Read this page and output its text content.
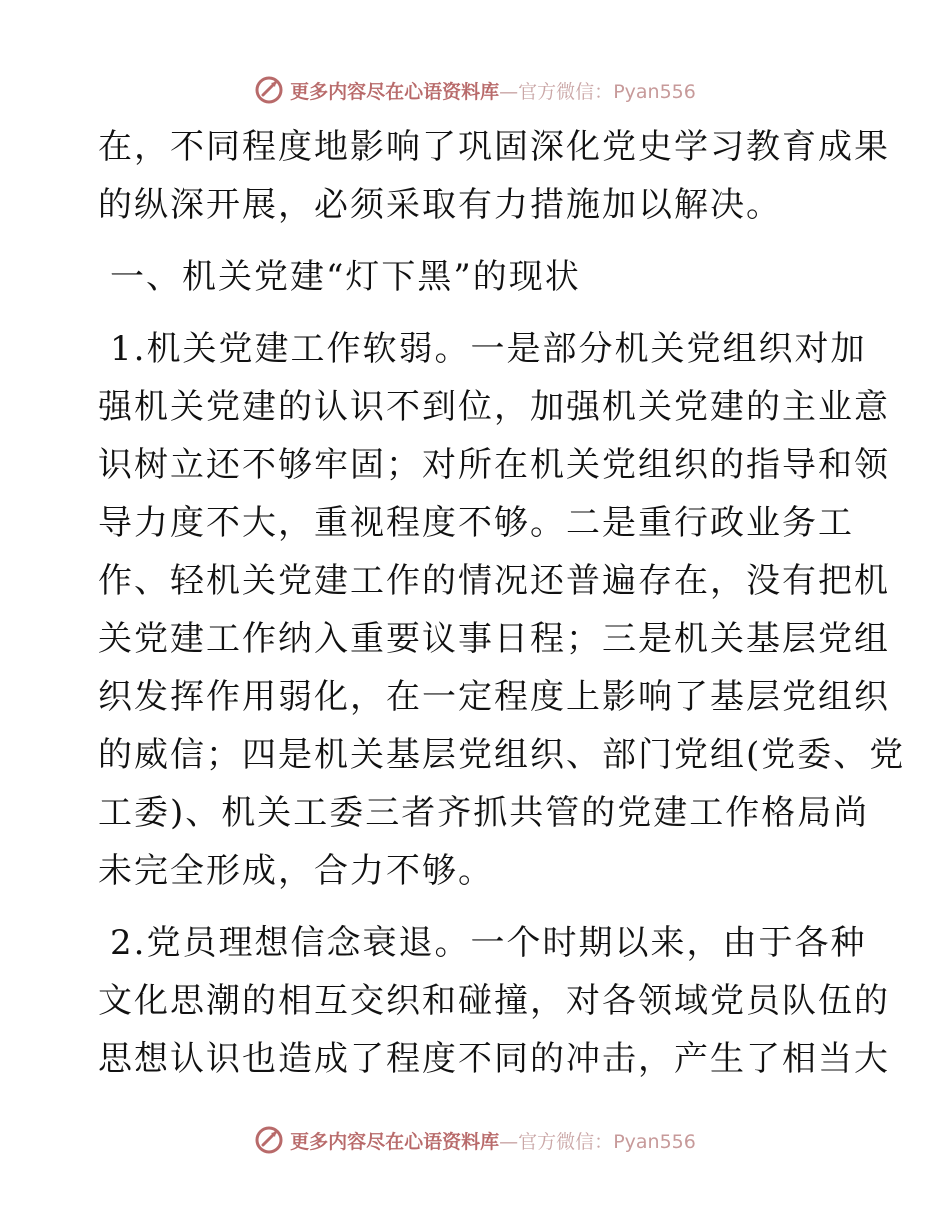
更多内容尽在心语资料库—官方微信：Pyan556
在，不同程度地影响了巩固深化党史学习教育成果
的纵深开展，必须采取有力措施加以解决。
一、机关党建“灯下黑”的现状
1.机关党建工作软弱。一是部分机关党组织对加
强机关党建的认识不到位，加强机关党建的主业意
识树立还不够牢固；对所在机关党组织的指导和领
导力度不大，重视程度不够。二是重行政业务工
作、轻机关党建工作的情况还普遍存在，没有把机
关党建工作纳入重要议事日程；三是机关基层党组
织发挥作用弱化，在一定程度上影响了基层党组织
的威信；四是机关基层党组织、部门党组(党委、党
工委)、机关工委三者齐抓共管的党建工作格局尚
未完全形成，合力不够。
2.党员理想信念衰退。一个时期以来，由于各种
文化思潮的相互交织和碰撞，对各领域党员队伍的
思想认识也造成了程度不同的冲击，产生了相当大
更多内容尽在心语资料库—官方微信：Pyan556
